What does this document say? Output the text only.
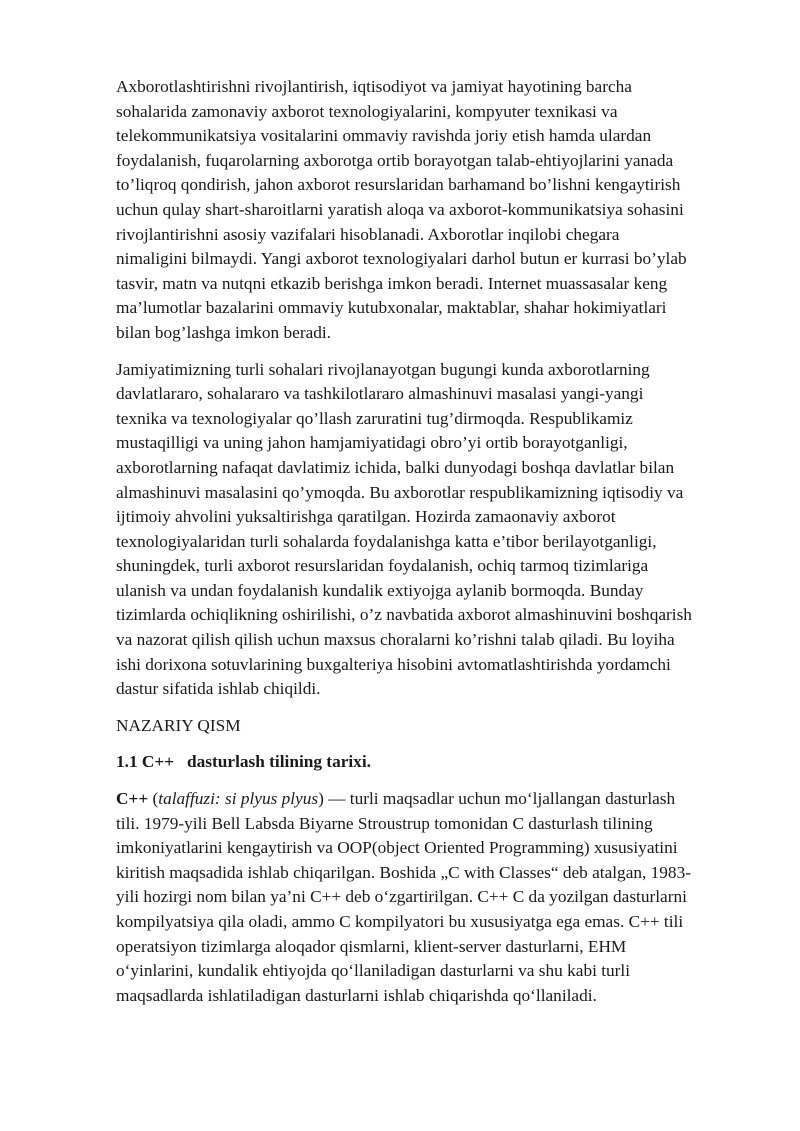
Axborotlashtirishni rivojlantirish, iqtisodiyot va jamiyat hayotining barcha
sohalarida zamonaviy axborot texnologiyalarini, kompyuter texnikasi va
telekommunikatsiya vositalarini ommaviy ravishda joriy etish hamda ulardan
foydalanish, fuqarolarning axborotga ortib borayotgan talab-ehtiyojlarini yanada
to’liqroq qondirish, jahon axborot resurslaridan barhamand bo’lishni kengaytirish
uchun qulay shart-sharoitlarni yaratish aloqa va axborot-kommunikatsiya sohasini
rivojlantirishni asosiy vazifalari hisoblanadi. Axborotlar inqilobi chegara
nimaligini bilmaydi. Yangi axborot texnologiyalari darhol butun er kurrasi bo’ylab
tasvir, matn va nutqni etkazib berishga imkon beradi. Internet muassasalar keng
ma’lumotlar bazalarini ommaviy kutubxonalar, maktablar, shahar hokimiyatlari
bilan bog’lashga imkon beradi.

Jamiyatimizning turli sohalari rivojlanayotgan bugungi kunda axborotlarning
davlatlararo, sohalararo va tashkilotlararo almashinuvi masalasi yangi-yangi
texnika va texnologiyalar qo’llash zaruratini tug’dirmoqda. Respublikamiz
mustaqilligi va uning jahon hamjamiyatidagi obro’yi ortib borayotganligi,
axborotlarning nafaqat davlatimiz ichida, balki dunyodagi boshqa davlatlar bilan
almashinuvi masalasini qo’ymoqda. Bu axborotlar respublikamizning iqtisodiy va
ijtimoiy ahvolini yuksaltirishga qaratilgan. Hozirda zamaonaviy axborot
texnologiyalaridan turli sohalarda foydalanishga katta e’tibor berilayotganligi,
shuningdek, turli axborot resurslaridan foydalanish, ochiq tarmoq tizimlariga
ulanish va undan foydalanish kundalik extiyojga aylanib bormoqda. Bunday
tizimlarda ochiqlikning oshirilishi, o’z navbatida axborot almashinuvini boshqarish
va nazorat qilish qilish uchun maxsus choralarni ko’rishni talab qiladi. Bu loyiha
ishi dorixona sotuvlarining buxgalteriya hisobini avtomatlashtirishda yordamchi
dastur sifatida ishlab chiqildi.

NAZARIY QISM

1.1 C++   dasturlash tilining tarixi.

C++ (talaffuzi: si plyus plyus) — turli maqsadlar uchun mo‘ljallangan dasturlash
tili. 1979-yili Bell Labsda Biyarne Stroustrup tomonidan C dasturlash tilining
imkoniyatlarini kengaytirish va OOP(object Oriented Programming) xususiyatini
kiritish maqsadida ishlab chiqarilgan. Boshida „C with Classes“ deb atalgan, 1983-
yili hozirgi nom bilan ya’ni C++ deb o‘zgartirilgan. C++ C da yozilgan dasturlarni
kompilyatsiya qila oladi, ammo C kompilyatori bu xususiyatga ega emas. C++ tili
operatsiyon tizimlarga aloqador qismlarni, klient-server dasturlarni, EHM
o‘yinlarini, kundalik ehtiyojda qo‘llaniladigan dasturlarni va shu kabi turli
maqsadlarda ishlatiladigan dasturlarni ishlab chiqarishda qo‘llaniladi.
